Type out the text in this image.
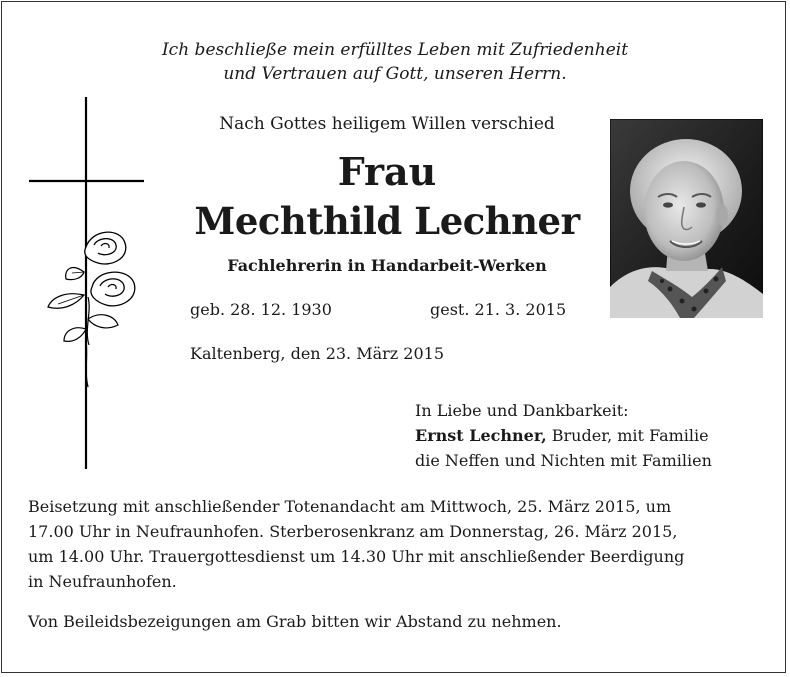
Ich beschließe mein erfülltes Leben mit Zufriedenheit
und Vertrauen auf Gott, unseren Herrn.
Nach Gottes heiligem Willen verschied
Frau
Mechthild Lechner
Fachlehrerin in Handarbeit-Werken
geb. 28. 12. 1930	gest. 21. 3. 2015
Kaltenberg, den 23. März 2015
In Liebe und Dankbarkeit:
Ernst Lechner, Bruder, mit Familie
die Neffen und Nichten mit Familien
Beisetzung mit anschließender Totenandacht am Mittwoch, 25. März 2015, um
17.00 Uhr in Neufraunhofen. Sterberosenkranz am Donnerstag, 26. März 2015,
um 14.00 Uhr. Trauergottesdienst um 14.30 Uhr mit anschließender Beerdigung
in Neufraunhofen.
Von Beileidsbezeigungen am Grab bitten wir Abstand zu nehmen.
